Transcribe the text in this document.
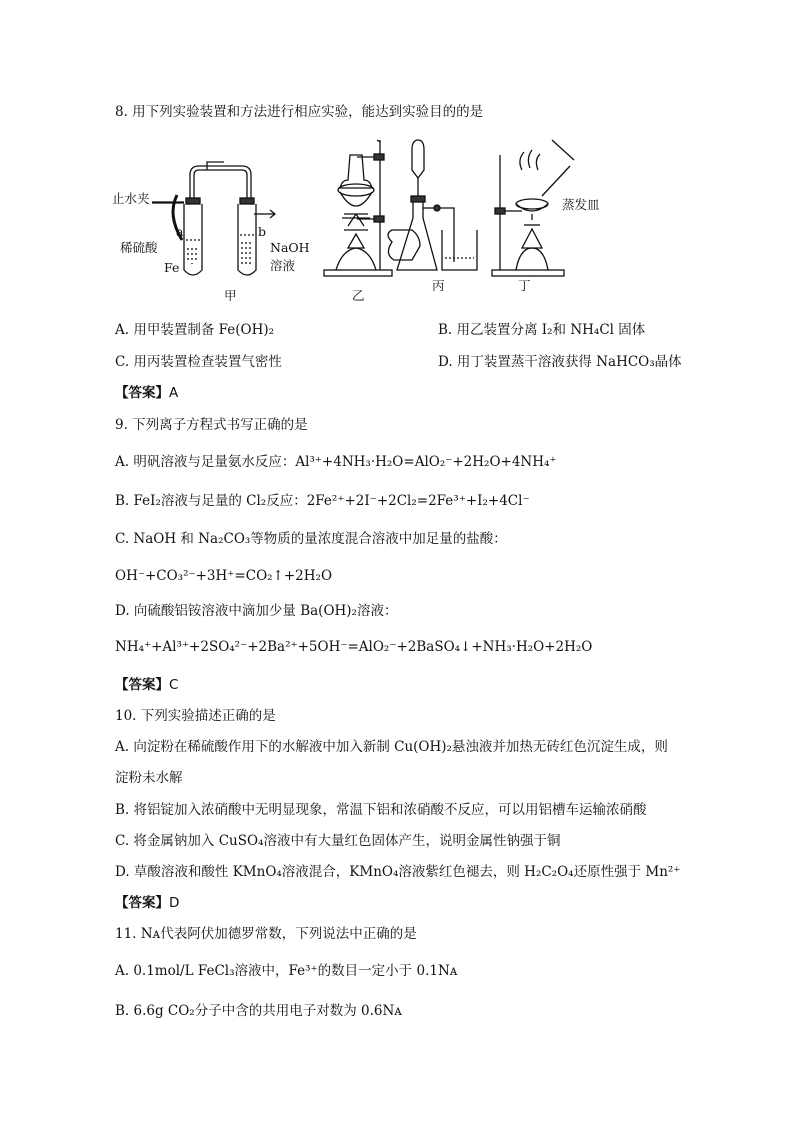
8. 用下列实验装置和方法进行相应实验，能达到实验目的的是
止水夹
a
稀硫酸
Fe
b
NaOH
溶液
甲	乙
丙	丁
蒸发皿
A. 用甲装置制备 Fe(OH)₂	B. 用乙装置分离 I₂和 NH₄Cl 固体
C. 用丙装置检查装置气密性	D. 用丁装置蒸干溶液获得 NaHCO₃晶体
【答案】A
9. 下列离子方程式书写正确的是
A. 明矾溶液与足量氨水反应：Al³⁺+4NH₃·H₂O=AlO₂⁻+2H₂O+4NH₄⁺
B. FeI₂溶液与足量的 Cl₂反应：2Fe²⁺+2I⁻+2Cl₂=2Fe³⁺+I₂+4Cl⁻
C. NaOH 和 Na₂CO₃等物质的量浓度混合溶液中加足量的盐酸：
OH⁻+CO₃²⁻+3H⁺=CO₂↑+2H₂O
D. 向硫酸铝铵溶液中滴加少量 Ba(OH)₂溶液：
NH₄⁺+Al³⁺+2SO₄²⁻+2Ba²⁺+5OH⁻=AlO₂⁻+2BaSO₄↓+NH₃·H₂O+2H₂O
【答案】C
10. 下列实验描述正确的是
A. 向淀粉在稀硫酸作用下的水解液中加入新制 Cu(OH)₂悬浊液并加热无砖红色沉淀生成，则
淀粉未水解
B. 将铝锭加入浓硝酸中无明显现象，常温下铝和浓硝酸不反应，可以用铝槽车运输浓硝酸
C. 将金属钠加入 CuSO₄溶液中有大量红色固体产生，说明金属性钠强于铜
D. 草酸溶液和酸性 KMnO₄溶液混合，KMnO₄溶液紫红色褪去，则 H₂C₂O₄还原性强于 Mn²⁺
【答案】D
11. Nᴀ代表阿伏加德罗常数，下列说法中正确的是
A. 0.1mol/L FeCl₃溶液中，Fe³⁺的数目一定小于 0.1Nᴀ
B. 6.6g CO₂分子中含的共用电子对数为 0.6Nᴀ
